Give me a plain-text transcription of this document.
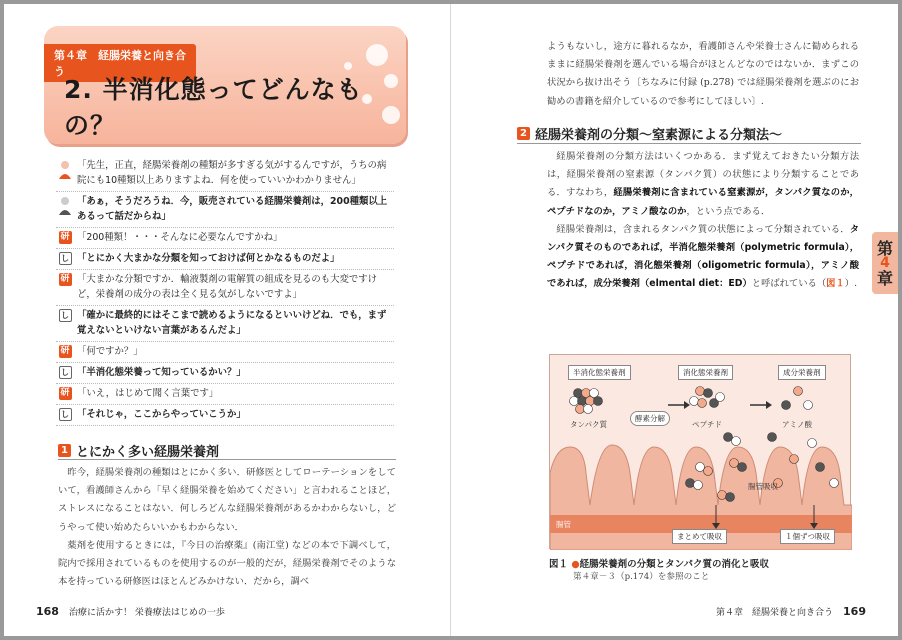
第４章　経腸栄養と向き合う
2. 半消化態ってどんなもの？
「先生，正直，経腸栄養剤の種類が多すぎる気がするんですが，うちの病院にも10種類以上ありますよね．何を使っていいかわかりません」
「あぁ，そうだろうね．今，販売されている経腸栄養剤は，200種類以上あるって話だからね」
研 「200種類！・・・そんなに必要なんですかね」
し 「とにかく大まかな分類を知っておけば何とかなるものだよ」
研 「大まかな分類ですか．輸液製剤の電解質の組成を見るのも大変ですけど，栄養剤の成分の表は全く見る気がしないですよ」
し 「確かに最終的にはそこまで読めるようになるといいけどね．でも，まず覚えないといけない言葉があるんだよ」
研 「何ですか？」
し 「半消化態栄養って知っているかい？」
研 「いえ，はじめて聞く言葉です」
し 「それじゃ，ここからやっていこうか」
1 とにかく多い経腸栄養剤

昨今，経腸栄養剤の種類はとにかく多い．研修医としてローテーションをしていて，看護師さんから「早く経腸栄養を始めてください」と言われることほど，ストレスになることはない．何しろどんな経腸栄養剤があるかわからないし，どうやって使い始めたらいいかもわからない．

薬剤を使用するときには，『今日の治療薬』(南江堂) などの本で下調べして，院内で採用されているものを使用するのが一般的だが，経腸栄養剤でそのような本を持っている研修医はほとんどみかけない．だから，調べ

168 治療に活かす！ 栄養療法はじめの一歩
ようもないし，途方に暮れるなか，看護師さんや栄養士さんに勧められるままに経腸栄養剤を選んでいる場合がほとんどなのではないか．まずこの状況から抜け出そう〔ちなみに付録 (p.278) では経腸栄養剤を選ぶのにお勧めの書籍を紹介しているので参考にしてほしい〕.
2 経腸栄養剤の分類〜窒素源による分類法〜

経腸栄養剤の分類方法はいくつかある．まず覚えておきたい分類方法は，経腸栄養剤の窒素源（タンパク質）の状態により分類することである．すなわち，経腸栄養剤に含まれている窒素源が，タンパク質なのか，ペプチドなのか，アミノ酸なのか，という点である．

経腸栄養剤は，含まれるタンパク質の状態によって分類されている．タンパク質そのものであれば，半消化態栄養剤（polymetric formula），ペプチドであれば，消化態栄養剤（oligometric formula），アミノ酸であれば，成分栄養剤（elmental diet：ED）と呼ばれている（図１）.

第
4
章
半消化態栄養剤	消化態栄養剤	成分栄養剤
タンパク質
酵素分解
ペプチド	アミノ酸
腸管吸収
腸管
まとめて吸収	１個ずつ吸収
図１ ●経腸栄養剤の分類とタンパク質の消化と吸収
第４章－３（p.174）を参照のこと
第４章　経腸栄養と向き合う 169
